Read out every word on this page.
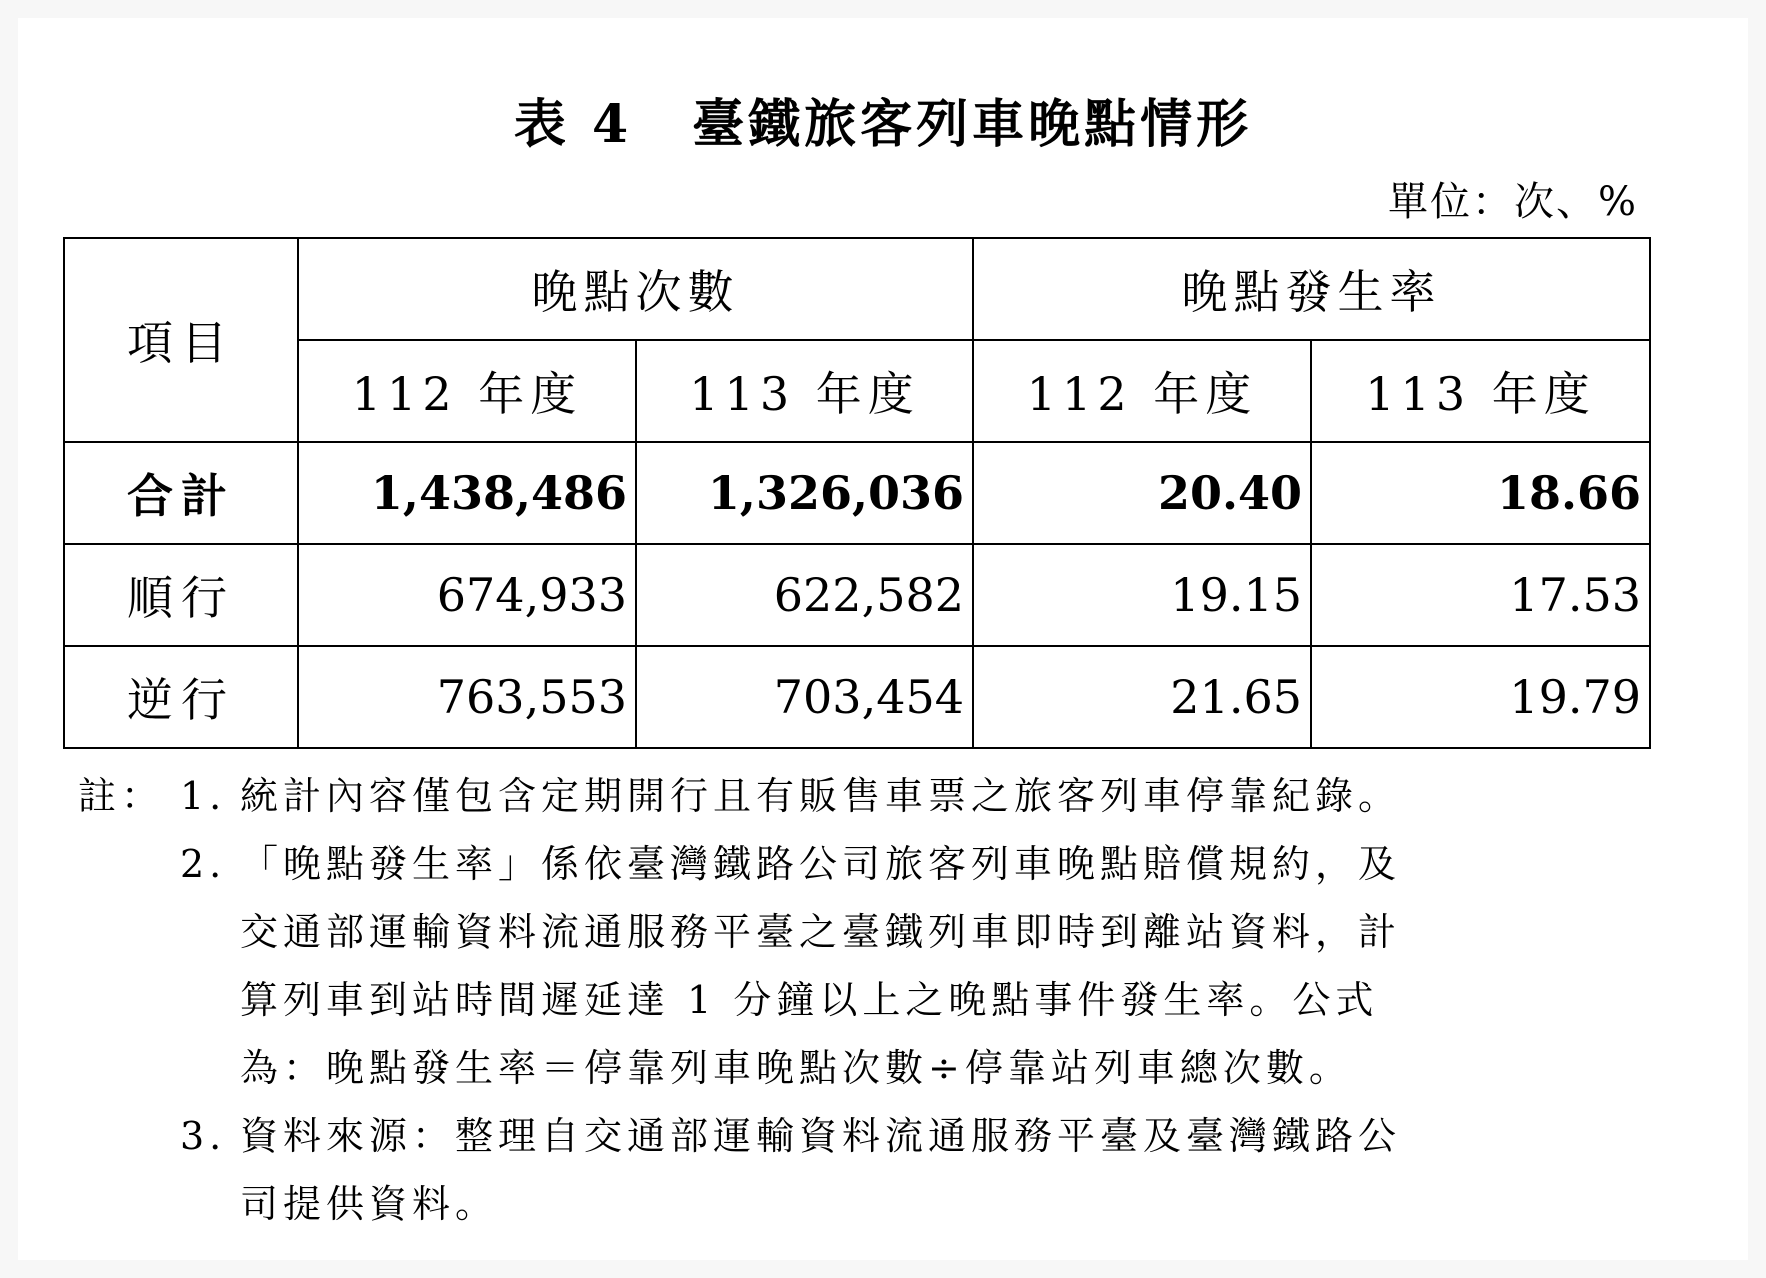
表 4 臺鐵旅客列車晚點情形
單位：次、%
項目	晚點次數		晚點發生率	
	112 年度	113 年度	112 年度	113 年度
合計	1,438,486	1,326,036	20.40	18.66
順行	674,933	622,582	19.15	17.53
逆行	763,553	703,454	21.65	19.79
註： 1. 統計內容僅包含定期開行且有販售車票之旅客列車停靠紀錄。
2. 「晚點發生率」係依臺灣鐵路公司旅客列車晚點賠償規約，及
交通部運輸資料流通服務平臺之臺鐵列車即時到離站資料，計
算列車到站時間遲延達 1 分鐘以上之晚點事件發生率。公式
為：晚點發生率＝停靠列車晚點次數÷停靠站列車總次數。
3. 資料來源：整理自交通部運輸資料流通服務平臺及臺灣鐵路公
司提供資料。
